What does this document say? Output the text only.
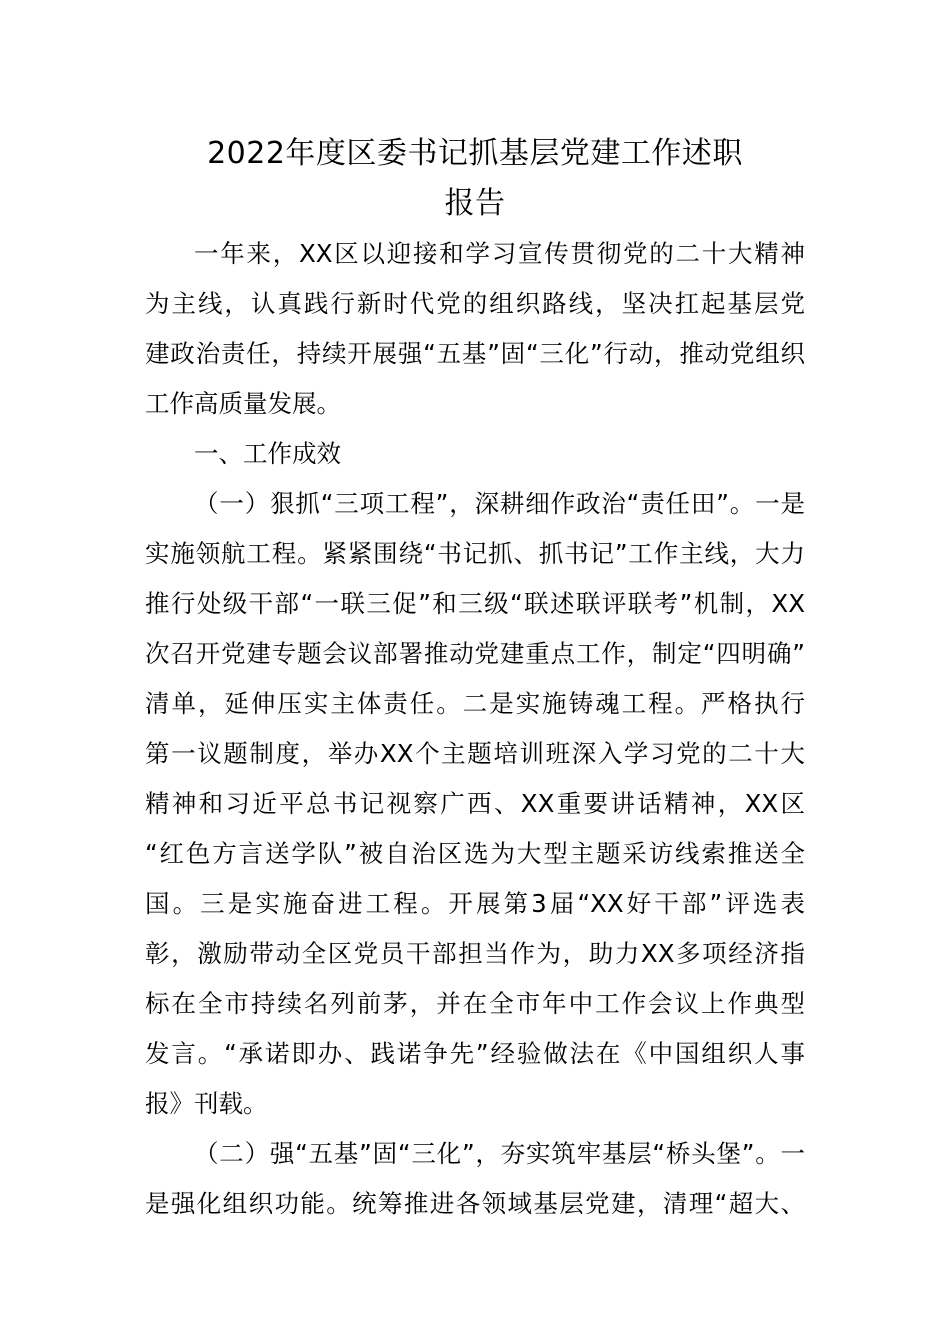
2022年度区委书记抓基层党建工作述职
报告
一年来，XX区以迎接和学习宣传贯彻党的二十大精神
为主线，认真践行新时代党的组织路线，坚决扛起基层党
建政治责任，持续开展强“五基”固“三化”行动，推动党组织
工作高质量发展。
一、工作成效
（一）狠抓“三项工程”，深耕细作政治“责任田”。一是
实施领航工程。紧紧围绕“书记抓、抓书记”工作主线，大力
推行处级干部“一联三促”和三级“联述联评联考”机制，XX
次召开党建专题会议部署推动党建重点工作，制定“四明确”
清单，延伸压实主体责任。二是实施铸魂工程。严格执行
第一议题制度，举办XX个主题培训班深入学习党的二十大
精神和习近平总书记视察广西、XX重要讲话精神，XX区
“红色方言送学队”被自治区选为大型主题采访线索推送全
国。三是实施奋进工程。开展第3届“XX好干部”评选表
彰，激励带动全区党员干部担当作为，助力XX多项经济指
标在全市持续名列前茅，并在全市年中工作会议上作典型
发言。“承诺即办、践诺争先”经验做法在《中国组织人事
报》刊载。
（二）强“五基”固“三化”，夯实筑牢基层“桥头堡”。一
是强化组织功能。统筹推进各领域基层党建，清理“超大、
